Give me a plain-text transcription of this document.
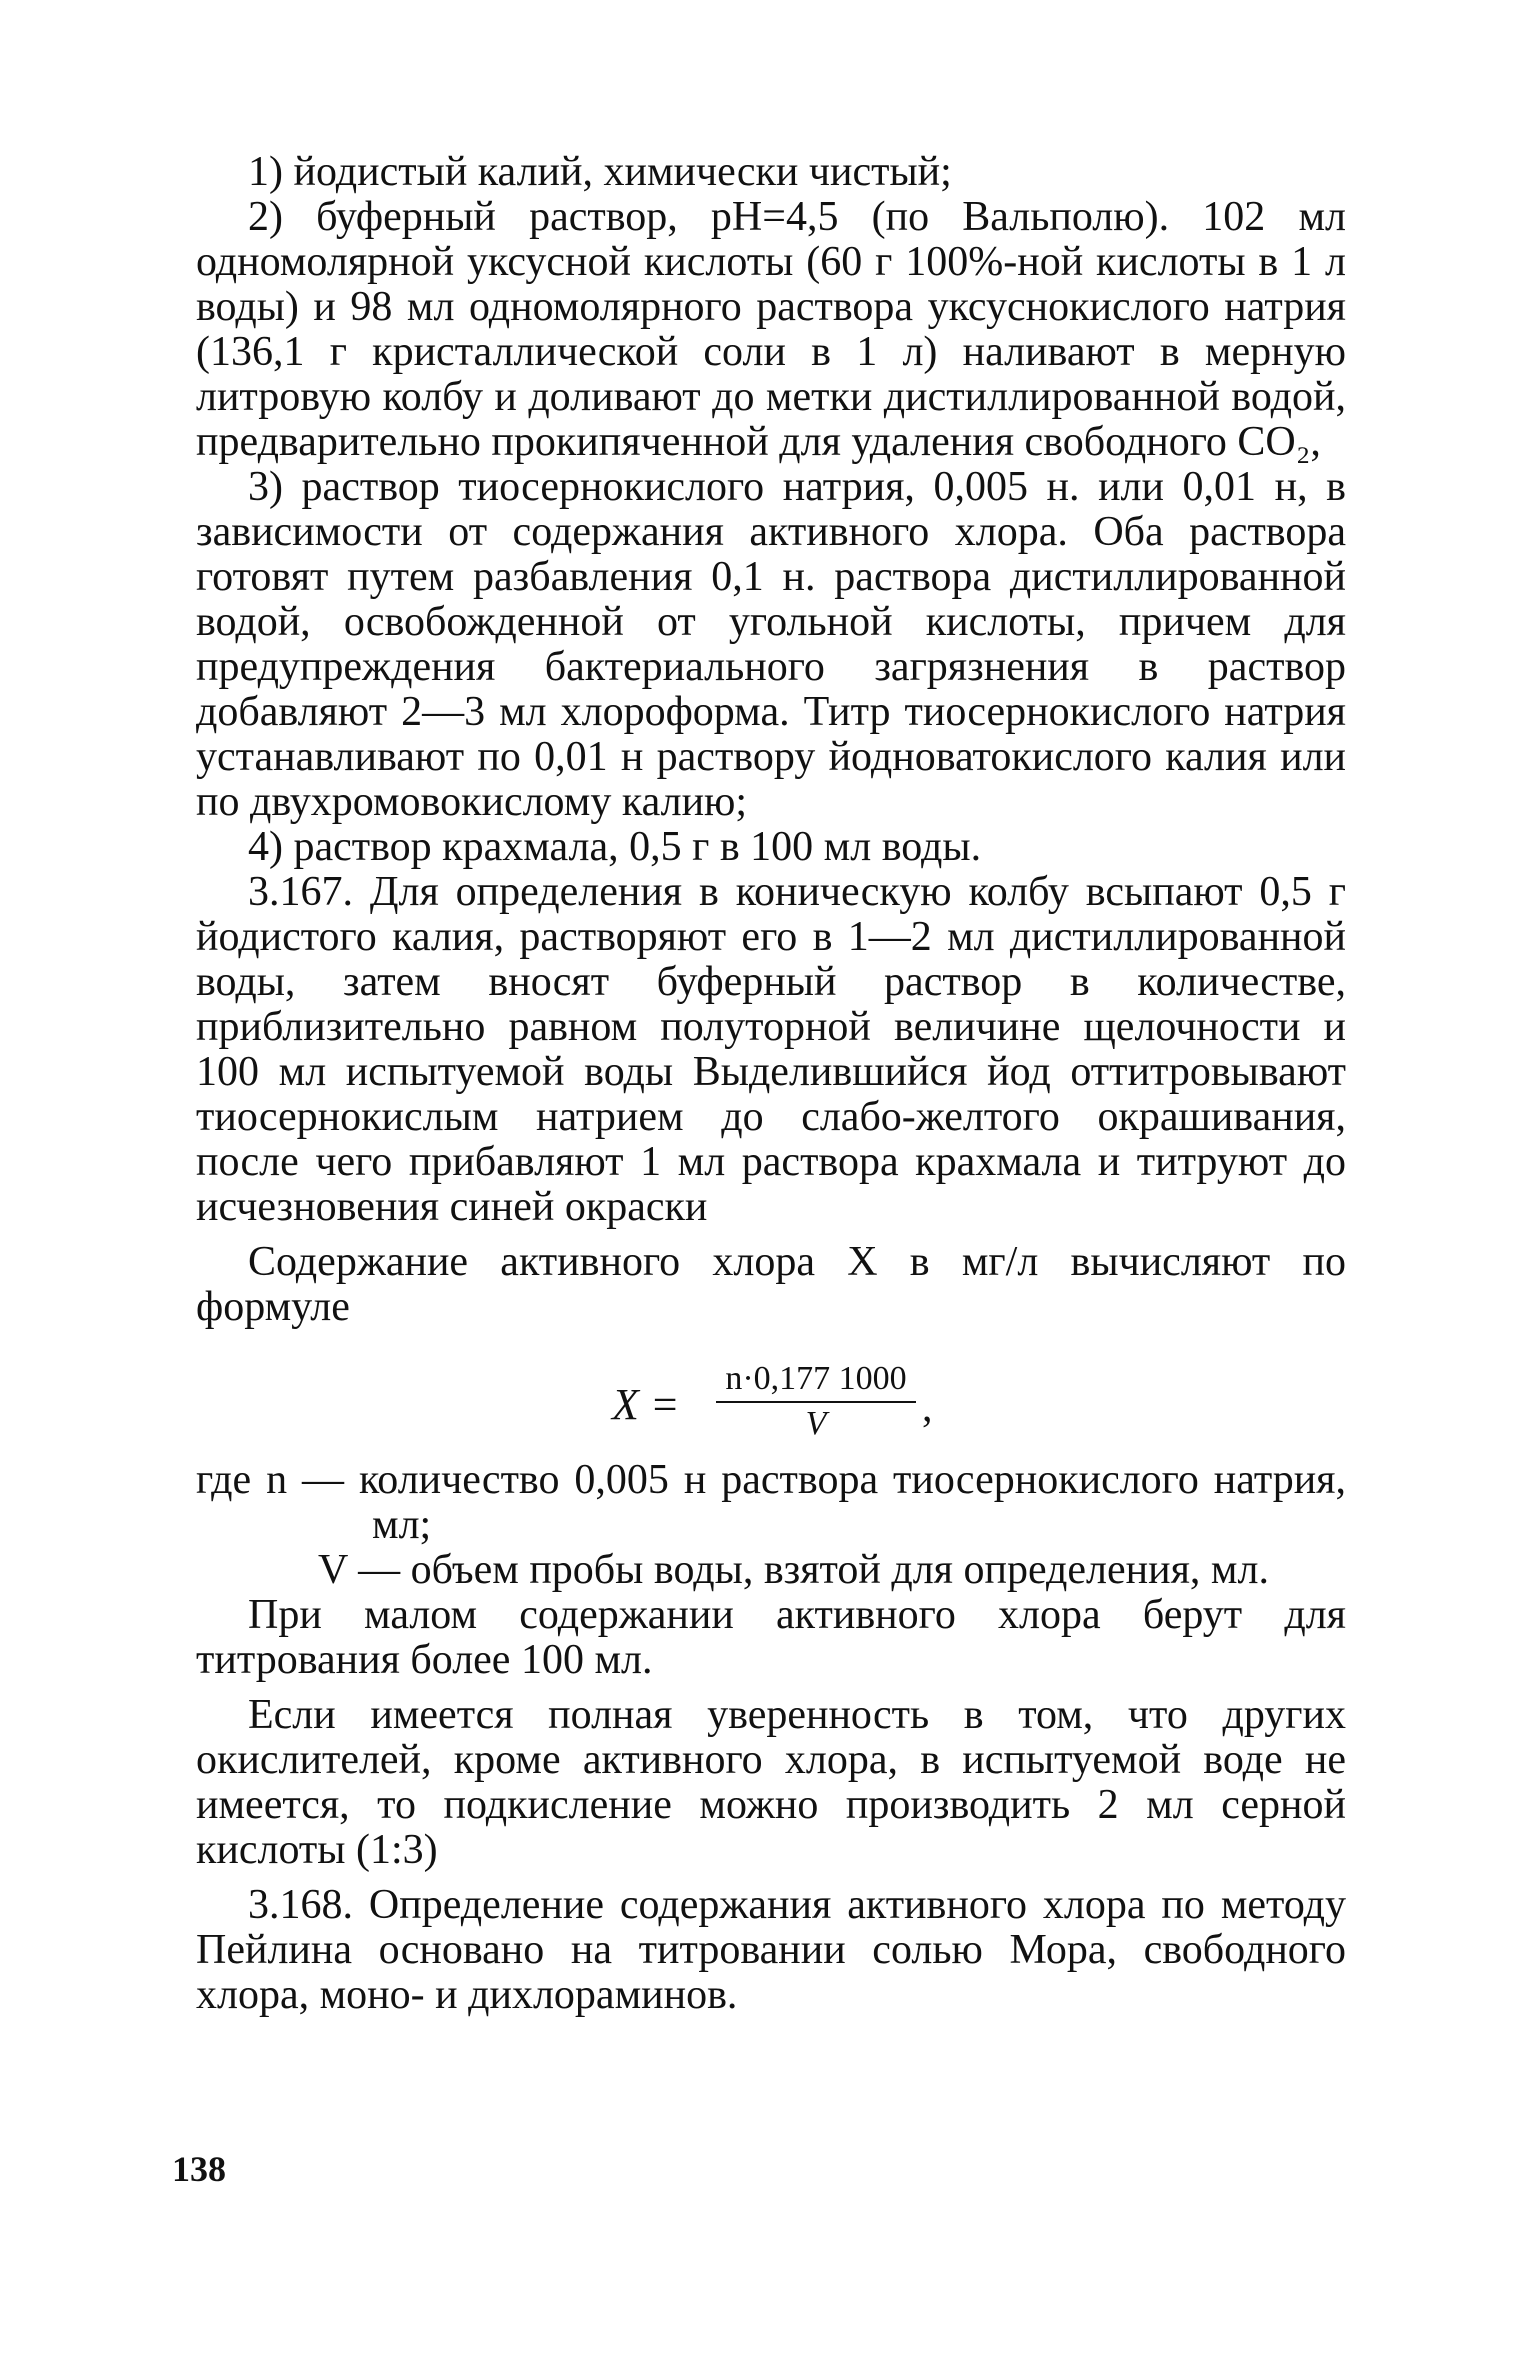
1) йодистый калий, химически чистый;

2) буферный раствор, pH=4,5 (по Вальполю). 102 мл одномолярной уксусной кислоты (60 г 100%-ной кислоты в 1 л воды) и 98 мл одномолярного раствора уксуснокислого натрия (136,1 г кристаллической соли в 1 л) наливают в мерную литровую колбу и доливают до метки дистиллированной водой, предварительно прокипяченной для удаления свободного CO₂,

3) раствор тиосернокислого натрия, 0,005 н. или 0,01 н, в зависимости от содержания активного хлора. Оба раствора готовят путем разбавления 0,1 н. раствора дистиллированной водой, освобожденной от угольной кислоты, причем для предупреждения бактериального загрязнения в раствор добавляют 2—3 мл хлороформа. Титр тиосернокислого натрия устанавливают по 0,01 н раствору йодноватокислого калия или по двухромовокислому калию;

4) раствор крахмала, 0,5 г в 100 мл воды.

3.167. Для определения в коническую колбу всыпают 0,5 г йодистого калия, растворяют его в 1—2 мл дистиллированной воды, затем вносят буферный раствор в количестве, приблизительно равном полуторной величине щелочности и 100 мл испытуемой воды Выделившийся йод оттитровывают тиосернокислым натрием до слабо-желтого окрашивания, после чего прибавляют 1 мл раствора крахмала и титруют до исчезновения синей окраски

Содержание активного хлора X в мг/л вычисляют по формуле

$X = \frac{n\cdot 0,177 1000}{V}$ ,

где n — количество 0,005 н раствора тиосернокислого натрия, мл;

V — объем пробы воды, взятой для определения, мл.

При малом содержании активного хлора берут для титрования более 100 мл.

Если имеется полная уверенность в том, что других окислителей, кроме активного хлора, в испытуемой воде не имеется, то подкисление можно производить 2 мл серной кислоты (1:3)

3.168. Определение содержания активного хлора по методу Пейлина основано на титровании солью Мора, свободного хлора, моно- и дихлораминов.

138
